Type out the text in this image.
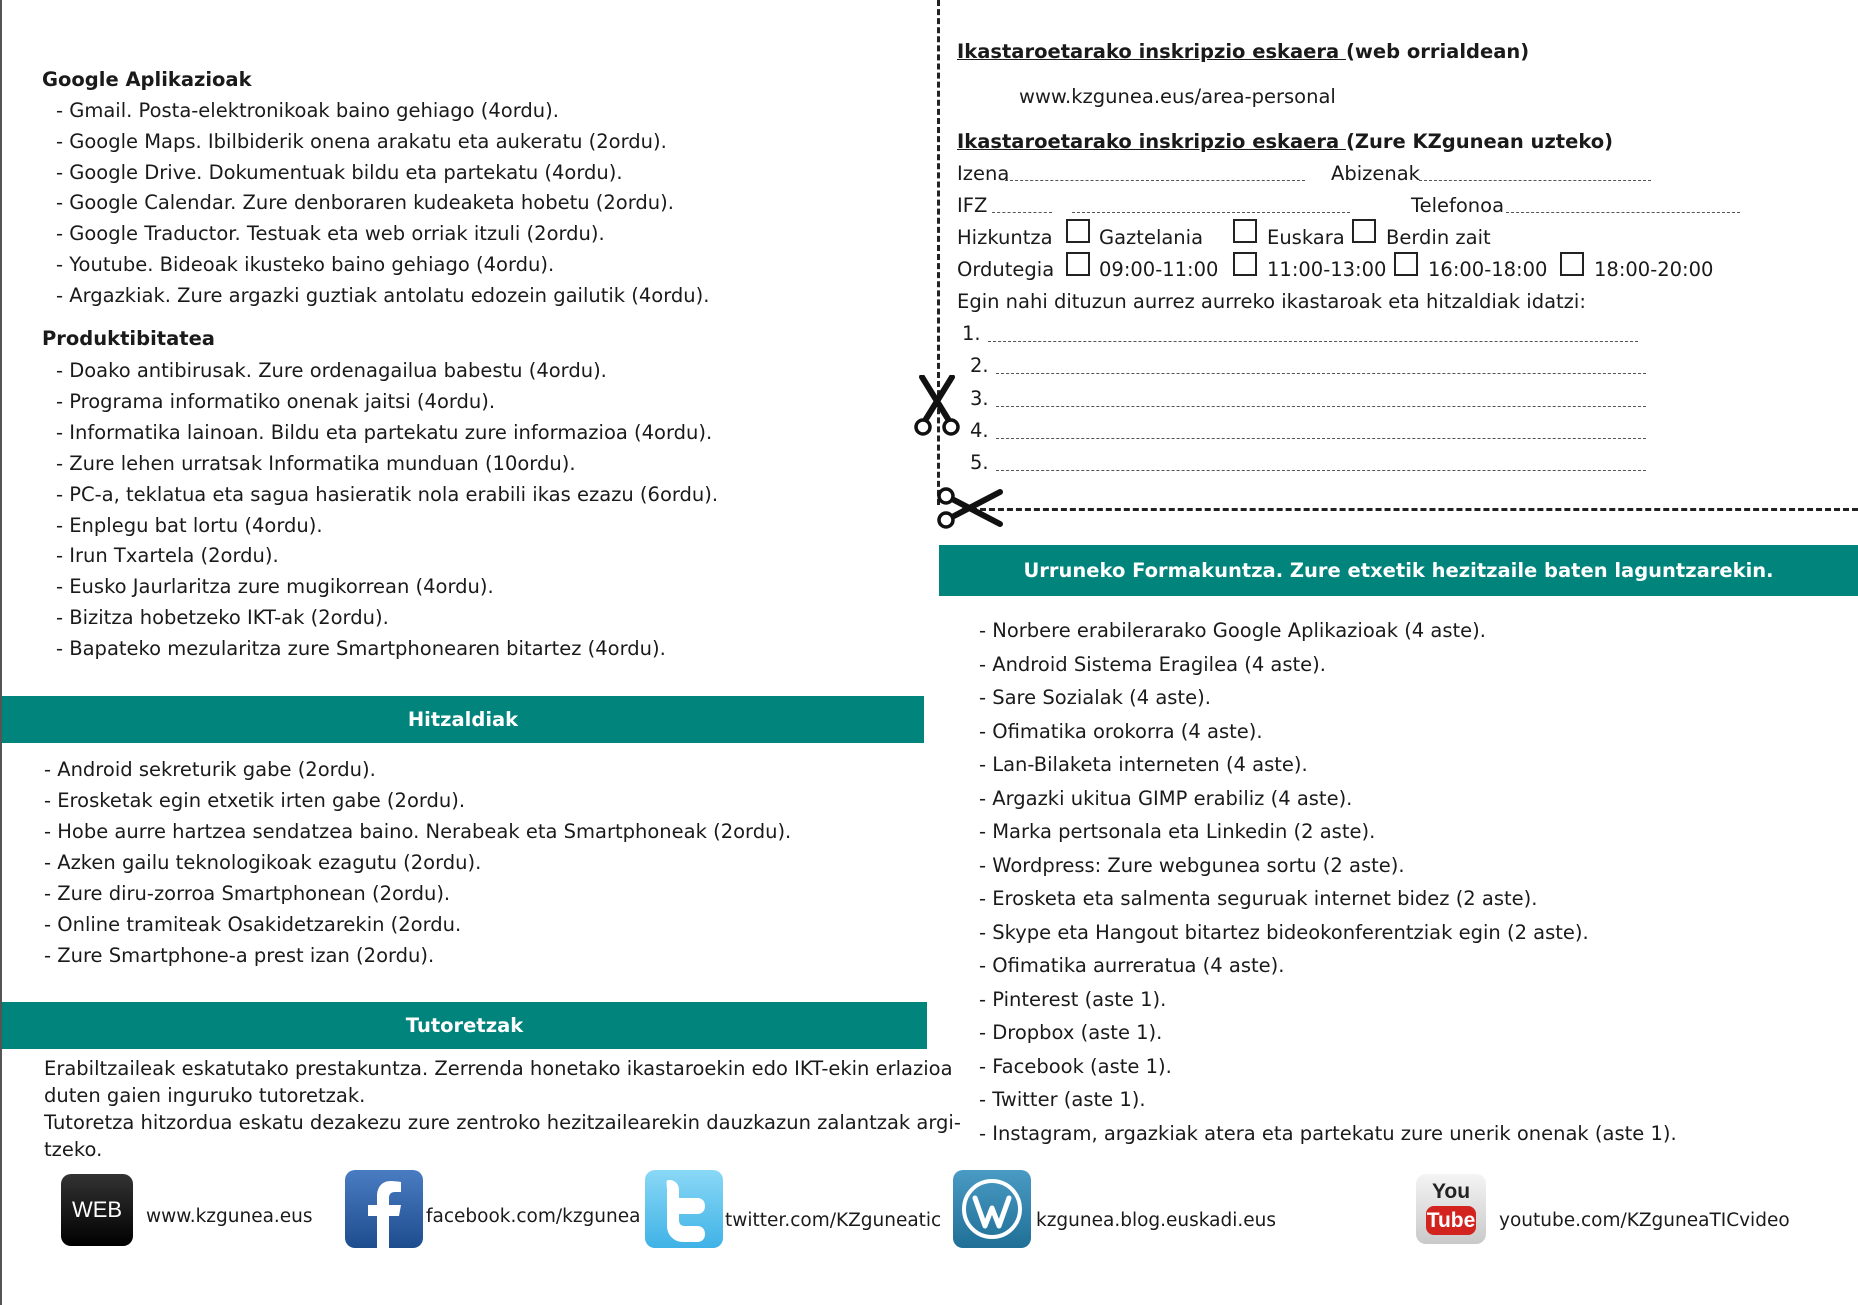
Google Aplikazioak
- Gmail. Posta-elektronikoak baino gehiago (4ordu).
- Google Maps. Ibilbiderik onena arakatu eta aukeratu (2ordu).
- Google Drive. Dokumentuak bildu eta partekatu (4ordu).
- Google Calendar. Zure denboraren kudeaketa hobetu (2ordu).
- Google Traductor. Testuak eta web orriak itzuli (2ordu).
- Youtube. Bideoak ikusteko baino gehiago (4ordu).
- Argazkiak. Zure argazki guztiak antolatu edozein gailutik (4ordu).
Produktibitatea
- Doako antibirusak. Zure ordenagailua babestu (4ordu).
- Programa informatiko onenak jaitsi (4ordu).
- Informatika lainoan. Bildu eta partekatu zure informazioa (4ordu).
- Zure lehen urratsak Informatika munduan (10ordu).
- PC-a, teklatua eta sagua hasieratik nola erabili ikas ezazu (6ordu).
- Enplegu bat lortu (4ordu).
- Irun Txartela (2ordu).
- Eusko Jaurlaritza zure mugikorrean (4ordu).
- Bizitza hobetzeko IKT-ak (2ordu).
- Bapateko mezularitza zure Smartphonearen bitartez (4ordu).
Hitzaldiak
- Android sekreturik gabe (2ordu).
- Erosketak egin etxetik irten gabe (2ordu).
- Hobe aurre hartzea sendatzea baino. Nerabeak eta Smartphoneak (2ordu).
- Azken gailu teknologikoak ezagutu (2ordu).
- Zure diru-zorroa Smartphonean (2ordu).
- Online tramiteak Osakidetzarekin (2ordu.
- Zure Smartphone-a prest izan (2ordu).
Tutoretzak
Erabiltzaileak eskatutako prestakuntza. Zerrenda honetako ikastaroekin edo IKT-ekin erlazioa
duten gaien inguruko tutoretzak.
Tutoretza hitzordua eskatu dezakezu zure zentroko hezitzailearekin dauzkazun zalantzak argi-
tzeko.
Ikastaroetarako inskripzio eskaera (web orrialdean)
www.kzgunea.eus/area-personal
Ikastaroetarako inskripzio eskaera (Zure KZgunean uzteko)
Izena	Abizenak
IFZ	Telefonoa
Hizkuntza Gaztelania	Euskara Berdin zait
Ordutegia 09:00-11:00 11:00-13:00 16:00-18:00 18:00-20:00
Egin nahi dituzun aurrez aurreko ikastaroak eta hitzaldiak idatzi:
1.
2.
3.
4.
5.
Urruneko Formakuntza. Zure etxetik hezitzaile baten laguntzarekin.
- Norbere erabilerarako Google Aplikazioak (4 aste).
- Android Sistema Eragilea (4 aste).
- Sare Sozialak (4 aste).
- Ofimatika orokorra (4 aste).
- Lan-Bilaketa interneten (4 aste).
- Argazki ukitua GIMP erabiliz (4 aste).
- Marka pertsonala eta Linkedin (2 aste).
- Wordpress: Zure webgunea sortu (2 aste).
- Erosketa eta salmenta seguruak internet bidez (2 aste).
- Skype eta Hangout bitartez bideokonferentziak egin (2 aste).
- Ofimatika aurreratua (4 aste).
- Pinterest (aste 1).
- Dropbox (aste 1).
- Facebook (aste 1).
- Twitter (aste 1).
- Instagram, argazkiak atera eta partekatu zure unerik onenak (aste 1).
WEB www.kzgunea.eus	facebook.com/kzgunea	twitter.com/KZguneatic	kzgunea.blog.euskadi.eus
You
Tube youtube.com/KZguneaTICvideo
